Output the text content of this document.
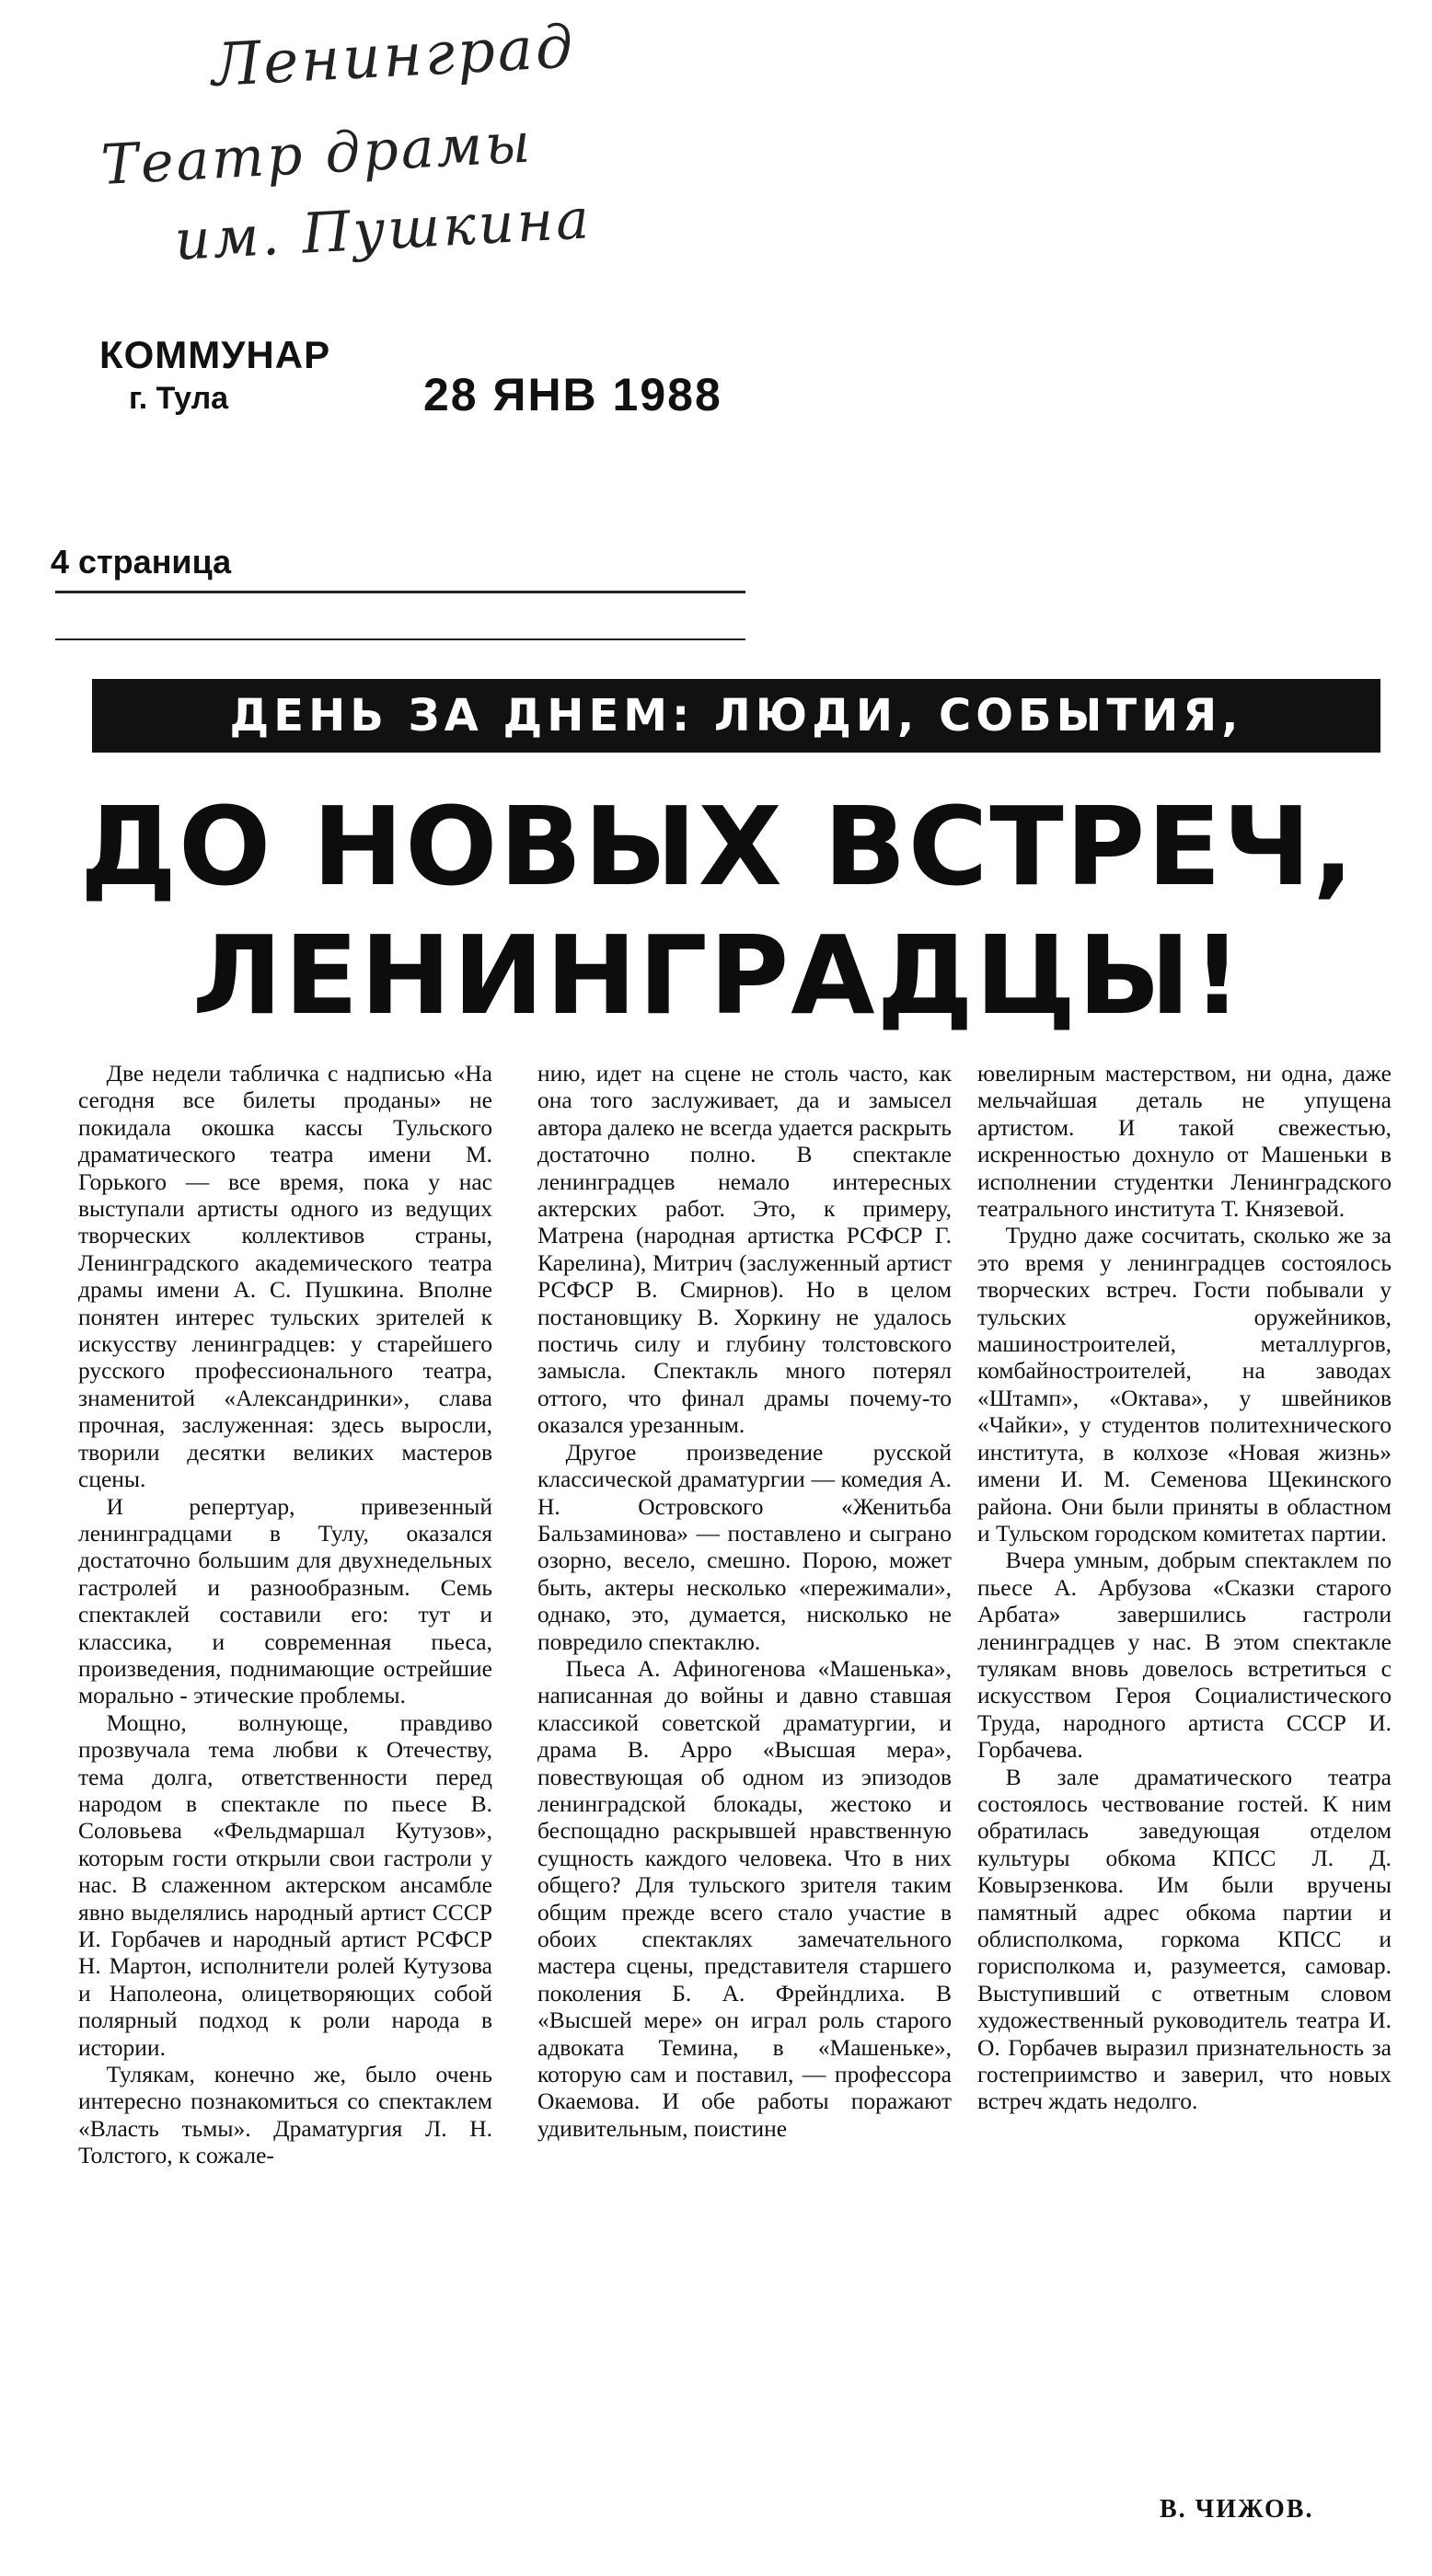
Ленинград
Театр драмы
им. Пушкина
КОММУНАР
г. Тула	28 ЯНВ 1988
4 страница
ДЕНЬ ЗА ДНЕМ: ЛЮДИ, СОБЫТИЯ,
ДО НОВЫХ ВСТРЕЧ, ЛЕНИНГРАДЦЫ!

Две недели табличка с надписью «На сегодня все билеты проданы» не покидала окошка кассы Тульского драматического театра имени М. Горького — все время, пока у нас выступали артисты одного из ведущих творческих коллективов страны, Ленинградского академического театра драмы имени А. С. Пушкина. Вполне понятен интерес тульских зрителей к искусству ленинградцев: у старейшего русского профессионального театра, знаменитой «Александринки», слава прочная, заслуженная: здесь выросли, творили десятки великих мастеров сцены.

И репертуар, привезенный ленинградцами в Тулу, оказался достаточно большим для двухнедельных гастролей и разнообразным. Семь спектаклей составили его: тут и классика, и современная пьеса, произведения, поднимающие острейшие морально - этические проблемы.

Мощно, волнующе, правдиво прозвучала тема любви к Отечеству, тема долга, ответственности перед народом в спектакле по пьесе В. Соловьева «Фельдмаршал Кутузов», которым гости открыли свои гастроли у нас. В слаженном актерском ансамбле явно выделялись народный артист СССР И. Горбачев и народный артист РСФСР Н. Мартон, исполнители ролей Кутузова и Наполеона, олицетворяющих собой полярный подход к роли народа в истории.

Тулякам, конечно же, было очень интересно познакомиться со спектаклем «Власть тьмы». Драматургия Л. Н. Толстого, к сожале-

нию, идет на сцене не столь часто, как она того заслуживает, да и замысел автора далеко не всегда удается раскрыть достаточно полно. В спектакле ленинградцев немало интересных актерских работ. Это, к примеру, Матрена (народная артистка РСФСР Г. Карелина), Митрич (заслуженный артист РСФСР В. Смирнов). Но в целом постановщику В. Хоркину не удалось постичь силу и глубину толстовского замысла. Спектакль много потерял оттого, что финал драмы почему-то оказался урезанным.

Другое произведение русской классической драматургии — комедия А. Н. Островского «Женитьба Бальзаминова» — поставлено и сыграно озорно, весело, смешно. Порою, может быть, актеры несколько «пережимали», однако, это, думается, нисколько не повредило спектаклю.

Пьеса А. Афиногенова «Машенька», написанная до войны и давно ставшая классикой советской драматургии, и драма В. Арро «Высшая мера», повествующая об одном из эпизодов ленинградской блокады, жестоко и беспощадно раскрывшей нравственную сущность каждого человека. Что в них общего? Для тульского зрителя таким общим прежде всего стало участие в обоих спектаклях замечательного мастера сцены, представителя старшего поколения Б. А. Фрейндлиха. В «Высшей мере» он играл роль старого адвоката Темина, в «Машеньке», которую сам и поставил, — профессора Окаемова. И обе работы поражают удивительным, поистине

ювелирным мастерством, ни одна, даже мельчайшая деталь не упущена артистом. И такой свежестью, искренностью дохнуло от Машеньки в исполнении студентки Ленинградского театрального института Т. Князевой.

Трудно даже сосчитать, сколько же за это время у ленинградцев состоялось творческих встреч. Гости побывали у тульских оружейников, машиностроителей, металлургов, комбайностроителей, на заводах «Штамп», «Октава», у швейников «Чайки», у студентов политехнического института, в колхозе «Новая жизнь» имени И. М. Семенова Щекинского района. Они были приняты в областном и Тульском городском комитетах партии.

Вчера умным, добрым спектаклем по пьесе А. Арбузова «Сказки старого Арбата» завершились гастроли ленинградцев у нас. В этом спектакле тулякам вновь довелось встретиться с искусством Героя Социалистического Труда, народного артиста СССР И. Горбачева.

В зале драматического театра состоялось чествование гостей. К ним обратилась заведующая отделом культуры обкома КПСС Л. Д. Ковырзенкова. Им были вручены памятный адрес обкома партии и облисполкома, горкома КПСС и горисполкома и, разумеется, самовар. Выступивший с ответным словом художественный руководитель театра И. О. Горбачев выразил признательность за гостеприимство и заверил, что новых встреч ждать недолго.

В. ЧИЖОВ.
